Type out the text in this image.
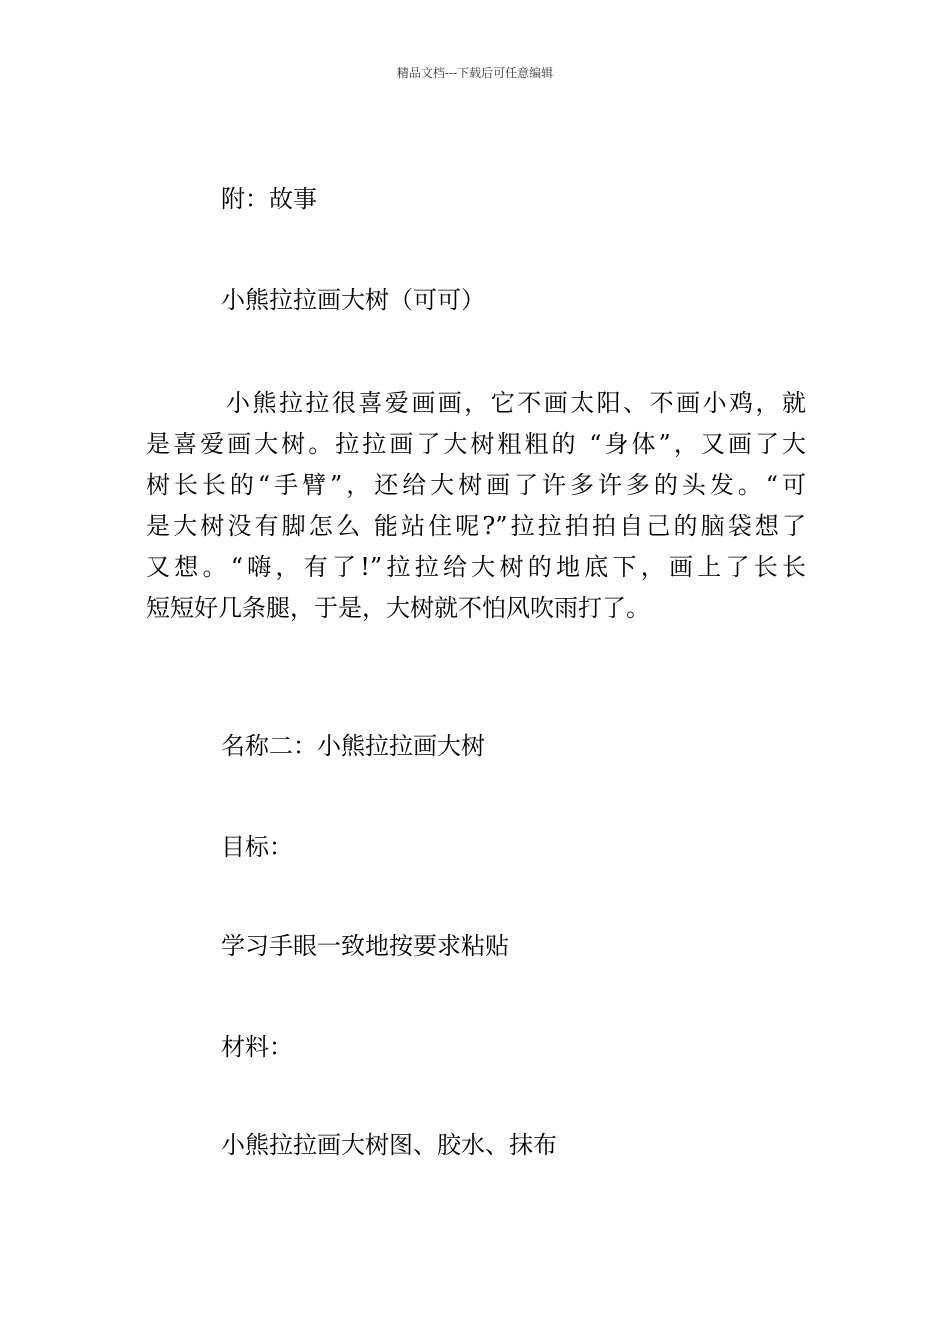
精品文档---下载后可任意编辑
附：故事
小熊拉拉画大树（可可）
小熊拉拉很喜爱画画，它不画太阳、不画小鸡，就
是喜爱画大树。拉拉画了大树粗粗的 “身体”，又画了大
树长长的“手臂”，还给大树画了许多许多的头发。“可
是大树没有脚怎么 能站住呢?”拉拉拍拍自己的脑袋想了
又想。“嗨，有了!”拉拉给大树的地底下，画上了长长
短短好几条腿，于是，大树就不怕风吹雨打了。
名称二：小熊拉拉画大树
目标：
学习手眼一致地按要求粘贴
材料：
小熊拉拉画大树图、胶水、抹布
